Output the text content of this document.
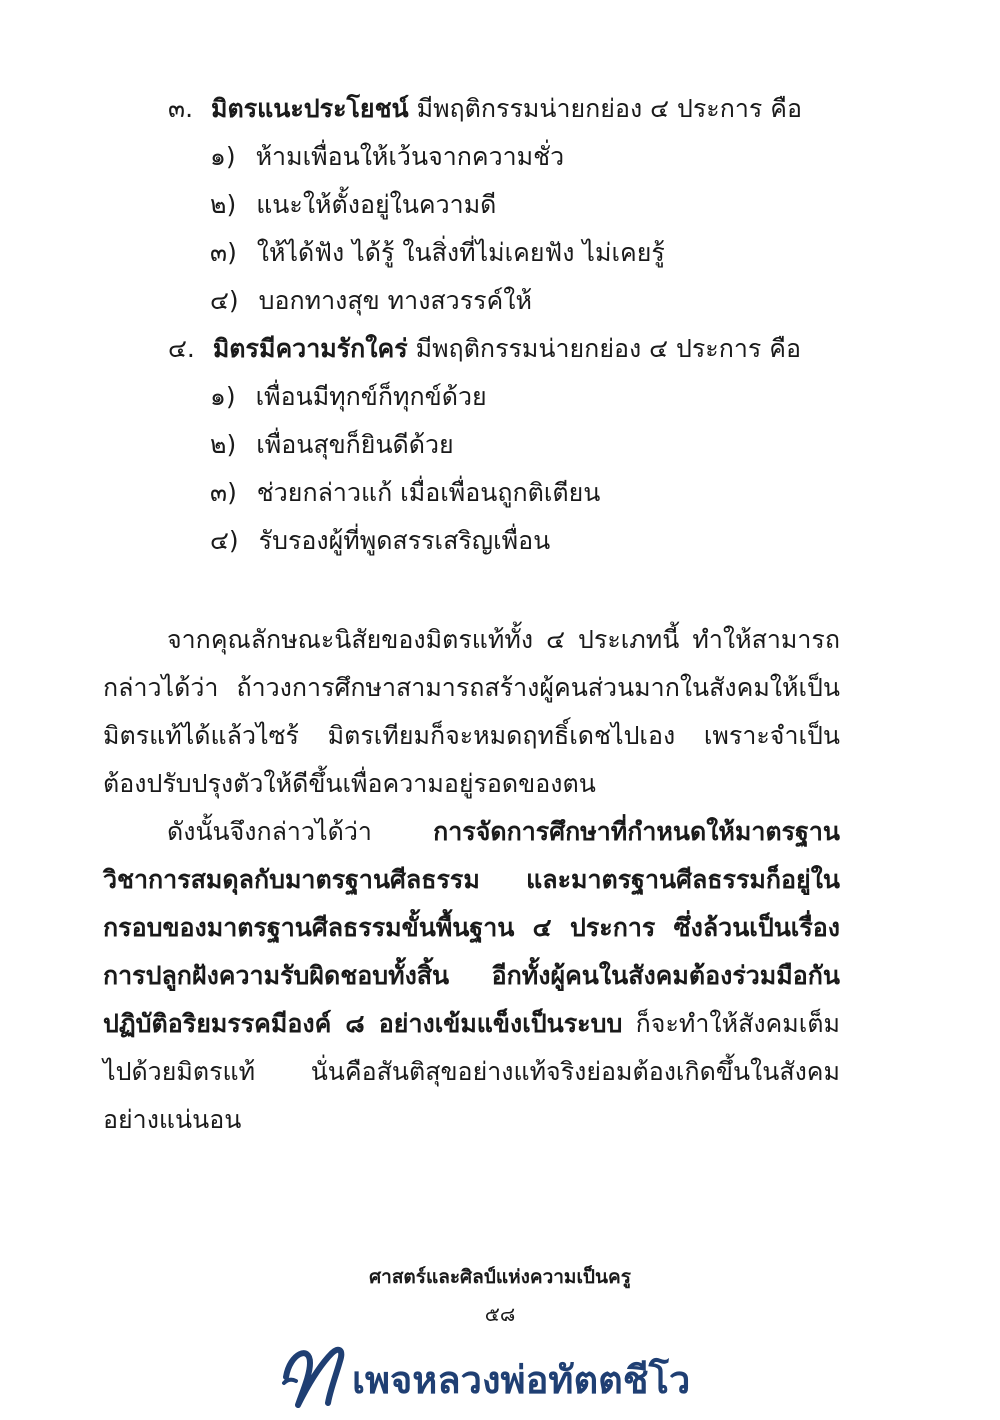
๓. มิตรแนะประโยชน์ มีพฤติกรรมน่ายกย่อง ๔ ประการ คือ
๑) ห้ามเพื่อนให้เว้นจากความชั่ว
๒) แนะให้ตั้งอยู่ในความดี
๓) ให้ได้ฟัง ได้รู้ ในสิ่งที่ไม่เคยฟัง ไม่เคยรู้
๔) บอกทางสุข ทางสวรรค์ให้
๔. มิตรมีความรักใคร่ มีพฤติกรรมน่ายกย่อง ๔ ประการ คือ
๑) เพื่อนมีทุกข์ก็ทุกข์ด้วย
๒) เพื่อนสุขก็ยินดีด้วย
๓) ช่วยกล่าวแก้ เมื่อเพื่อนถูกติเตียน
๔) รับรองผู้ที่พูดสรรเสริญเพื่อน
จากคุณลักษณะนิสัยของมิตรแท้ทั้ง ๔ ประเภทนี้ ทำให้สามารถกล่าวได้ว่า ถ้าวงการศึกษาสามารถสร้างผู้คนส่วนมากในสังคมให้เป็นมิตรแท้ได้แล้วไซร้ มิตรเทียมก็จะหมดฤทธิ์เดชไปเอง เพราะจำเป็นต้องปรับปรุงตัวให้ดีขึ้นเพื่อความอยู่รอดของตน
ดังนั้นจึงกล่าวได้ว่า การจัดการศึกษาที่กำหนดให้มาตรฐานวิชาการสมดุลกับมาตรฐานศีลธรรม และมาตรฐานศีลธรรมก็อยู่ในกรอบของมาตรฐานศีลธรรมขั้นพื้นฐาน ๔ ประการ ซึ่งล้วนเป็นเรื่องการปลูกฝังความรับผิดชอบทั้งสิ้น อีกทั้งผู้คนในสังคมต้องร่วมมือกันปฏิบัติอริยมรรคมีองค์ ๘ อย่างเข้มแข็งเป็นระบบ ก็จะทำให้สังคมเต็มไปด้วยมิตรแท้ นั่นคือสันติสุขอย่างแท้จริงย่อมต้องเกิดขึ้นในสังคมอย่างแน่นอน
ศาสตร์และศิลป์แห่งความเป็นครู
๕๘
เพจหลวงพ่อทัตตชีโว
